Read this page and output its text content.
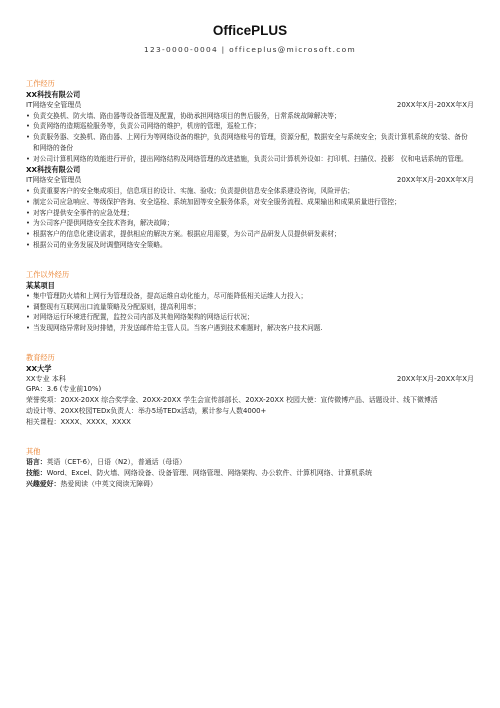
OfficePLUS
123-0000-0004 | officeplus@microsoft.com
工作经历
XX科技有限公司
IT网络安全管理员	20XX年X月-20XX年X月
• 负责交换机、防火墙、路由器等设备管理及配置，协助承担网络项目的售后服务，日常系统故障解决等；
• 负责网络的造期巡检服务等，负责公司网络的维护，机房的管理，巡检工作；
• 负责服务器、交换机、路由器、上网行为等网络设备的维护，负责网络账号的管理，资源分配，数据安全与系统安全；负责计算机系统的安装、备份和网络的备份
• 对公司计算机网络的效能进行评价，提出网络结构及网络管理的改进措施，负责公司计算机外设如：打印机、扫描仪、投影　仪和电话系统的管理。
XX科技有限公司
IT网络安全管理员	20XX年X月-20XX年X月
• 负责重要客户的安全集成项目，信息项目的设计、实施、验收；负责提供信息安全体系建设咨询，风险评估；
• 制定公司应急响应、等级保护咨询、安全巡检、系统加固等安全服务体系，对安全服务流程、成果输出和成果质量进行管控；
• 对客户提供安全事件的应急处理；
• 为公司客户提供网络安全技术咨询，解决故障；
• 根据客户的信息化建设需求，提供相应的解决方案。根据应用需要，为公司产品研发人员提供研发素材；
• 根据公司的业务发展及时调整网络安全策略。
工作以外经历
某某项目
• 集中管理防火墙和上网行为管理设备，提高运维自动化能力，尽可能降低相关运维人力投入；
• 调整现有互联网出口流量策略及分配原则，提高利用率；
• 对网络运行环境进行配置，监控公司内部及其他网络架构的网络运行状况；
• 当发现网络异常时及时排错，并发送邮件给主管人员。当客户遇到技术难题时，解决客户技术问题.
教育经历
XX大学
XX专业 本科	20XX年X月-20XX年X月

GPA：3.6 (专业前10%)

荣誉奖项：20XX-20XX 综合奖学金、20XX-20XX 学生会宣传部部长、20XX-20XX 校园大使：宣传微博产品、话题设计、线下微博活

动设计等、20XX校园TEDx负责人：举办5场TEDx活动，累计参与人数4000+

相关课程：XXXX、XXXX、XXXX

其他

语言：英语（CET-6），日语（N2），普通话（母语）

技能：Word、Excel、防火墙、网络设备、设备管理、网络管理、网络架构、办公软件、计算机网络、计算机系统

兴趣爱好：热爱阅读（中英文阅读无障碍）
